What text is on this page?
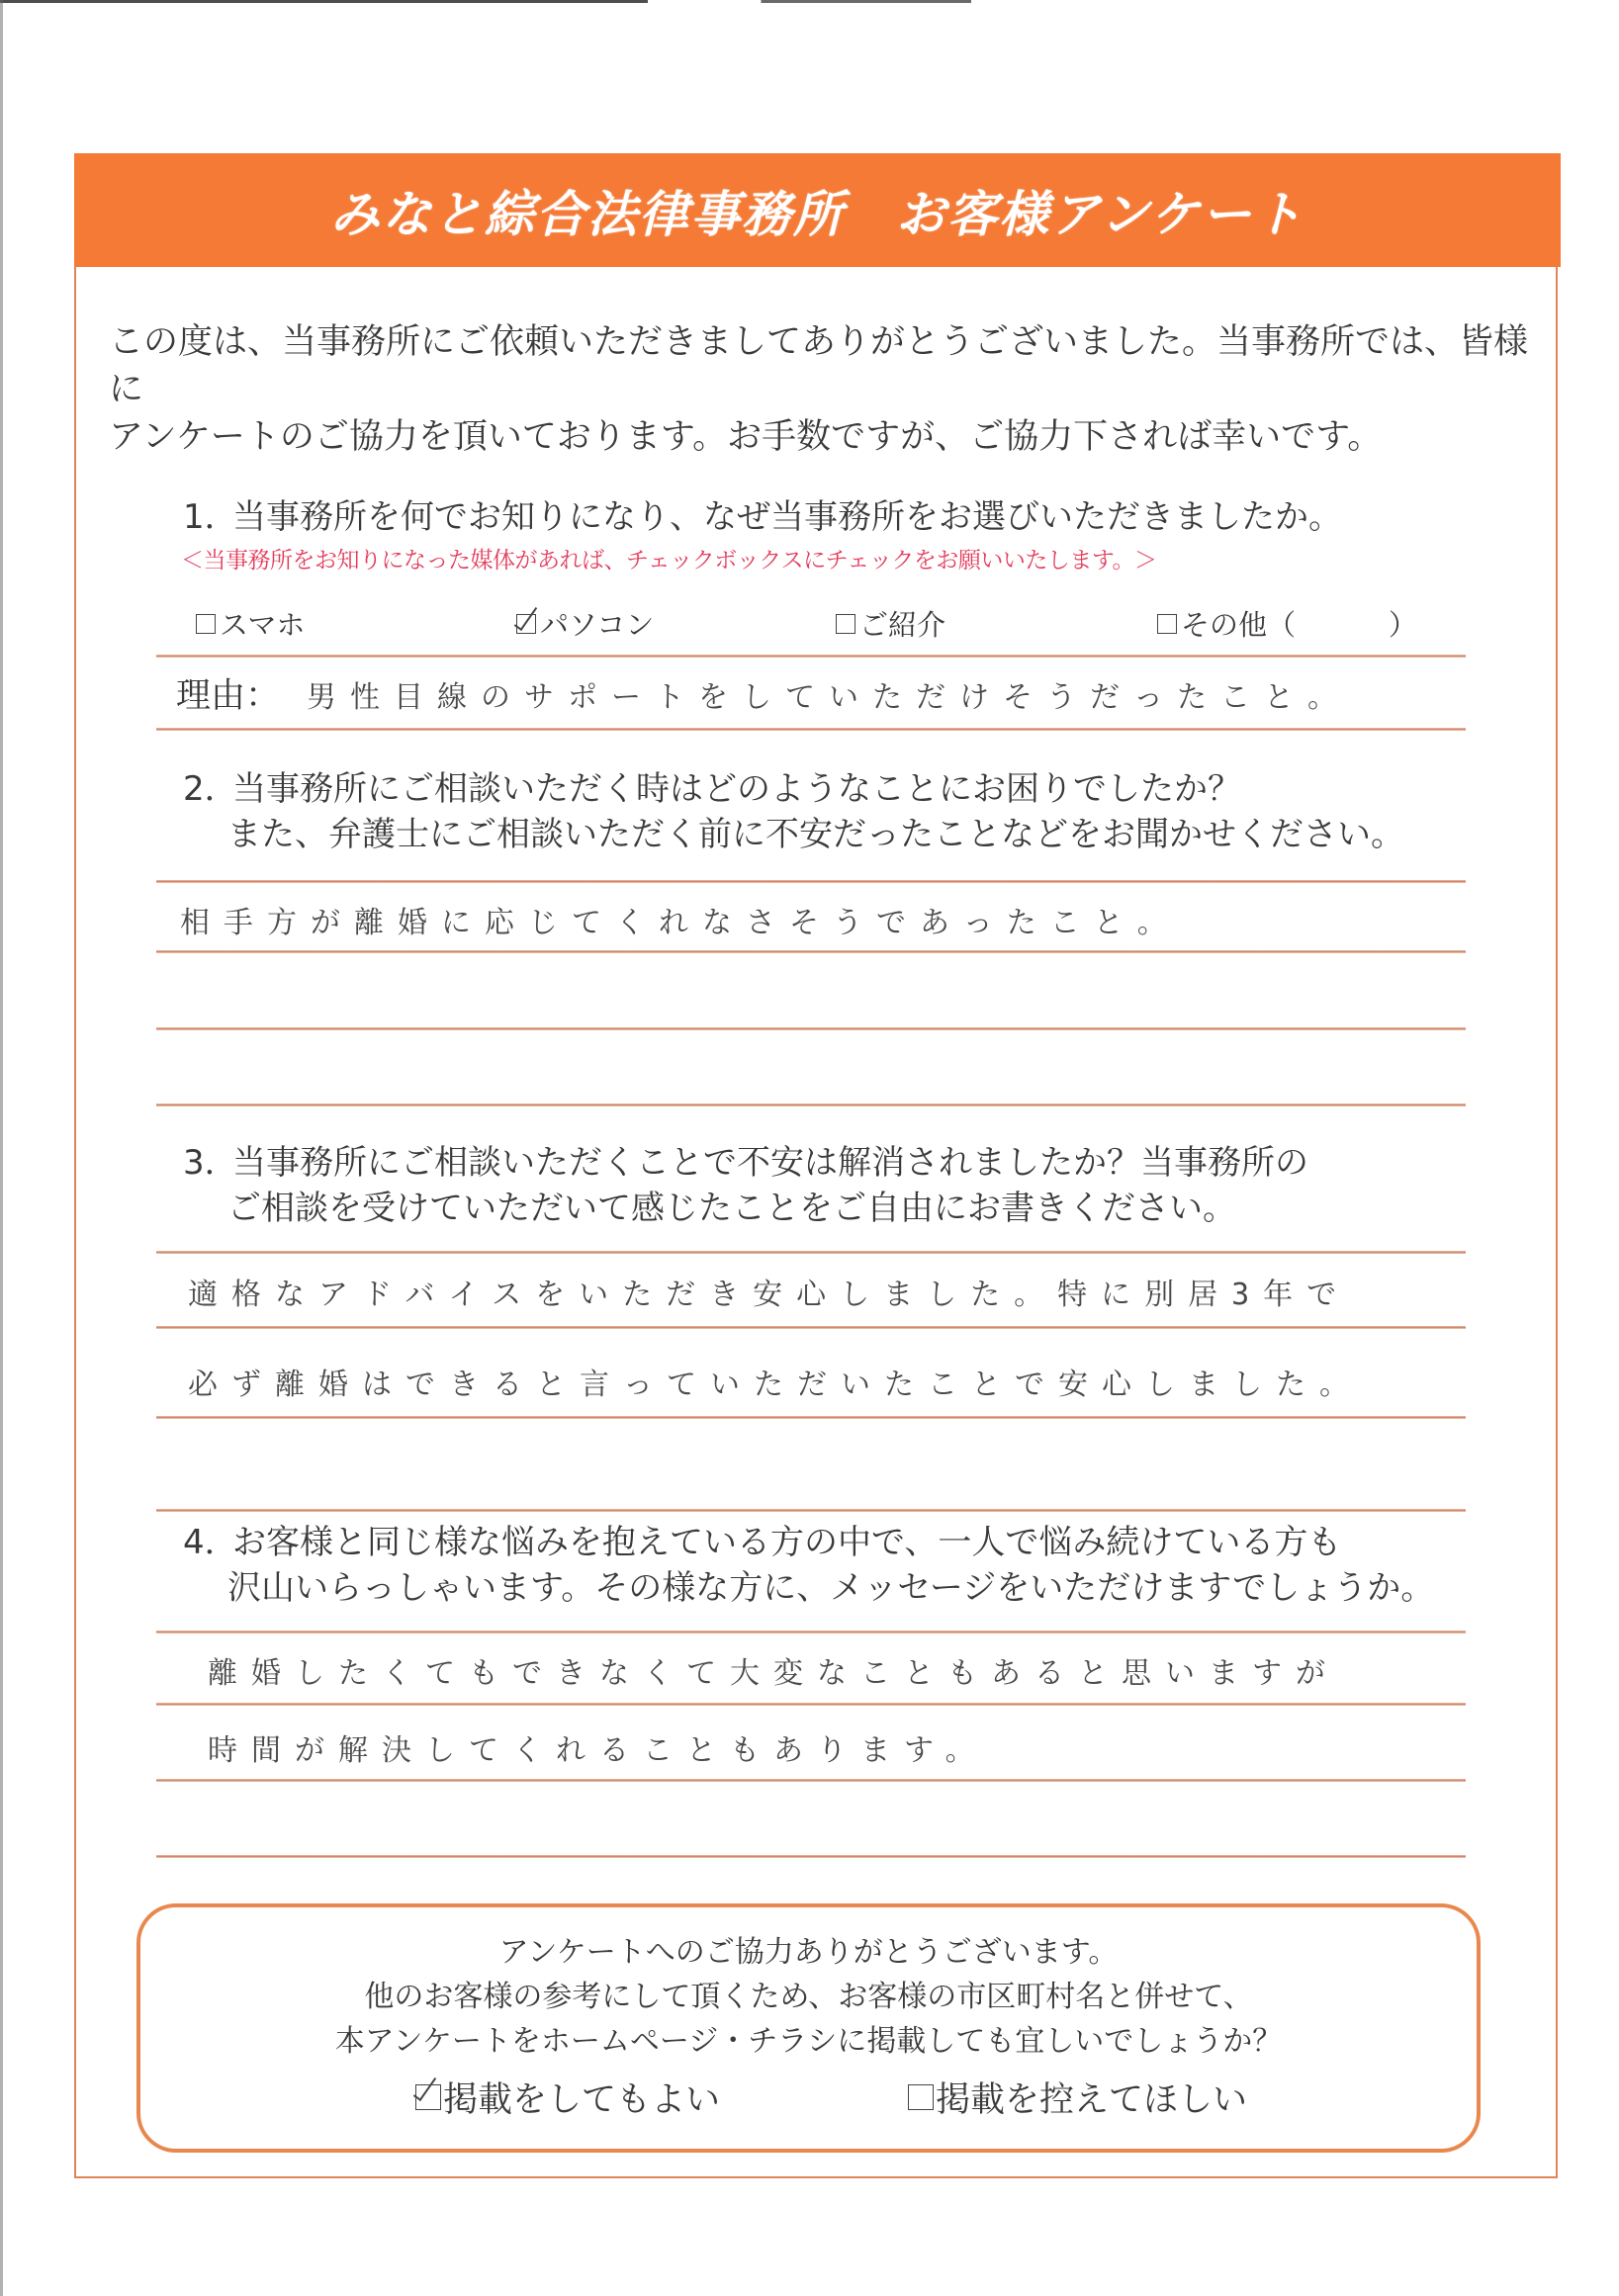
みなと綜合法律事務所　お客様アンケート
この度は、当事務所にご依頼いただきましてありがとうございました。当事務所では、皆様に
アンケートのご協力を頂いております。お手数ですが、ご協力下されば幸いです。
1．当事務所を何でお知りになり、なぜ当事務所をお選びいただきましたか。
＜当事務所をお知りになった媒体があれば、チェックボックスにチェックをお願いいたします。＞
スマホ	パソコン	ご紹介	その他（	）
理由： 男性目線のサポートをしていただけそうだったこと。
2．当事務所にご相談いただく時はどのようなことにお困りでしたか？
また、弁護士にご相談いただく前に不安だったことなどをお聞かせください。
相手方が離婚に応じてくれなさそうであったこと。
3．当事務所にご相談いただくことで不安は解消されましたか？当事務所の
ご相談を受けていただいて感じたことをご自由にお書きください。
適格なアドバイスをいただき安心しました。特に別居3年で
必ず離婚はできると言っていただいたことで安心しました。
4．お客様と同じ様な悩みを抱えている方の中で、一人で悩み続けている方も
沢山いらっしゃいます。その様な方に、メッセージをいただけますでしょうか。
離婚したくてもできなくて大変なこともあると思いますが
時間が解決してくれることもあります。
アンケートへのご協力ありがとうございます。
他のお客様の参考にして頂くため、お客様の市区町村名と併せて、
本アンケートをホームページ・チラシに掲載しても宜しいでしょうか？
掲載をしてもよい	掲載を控えてほしい
